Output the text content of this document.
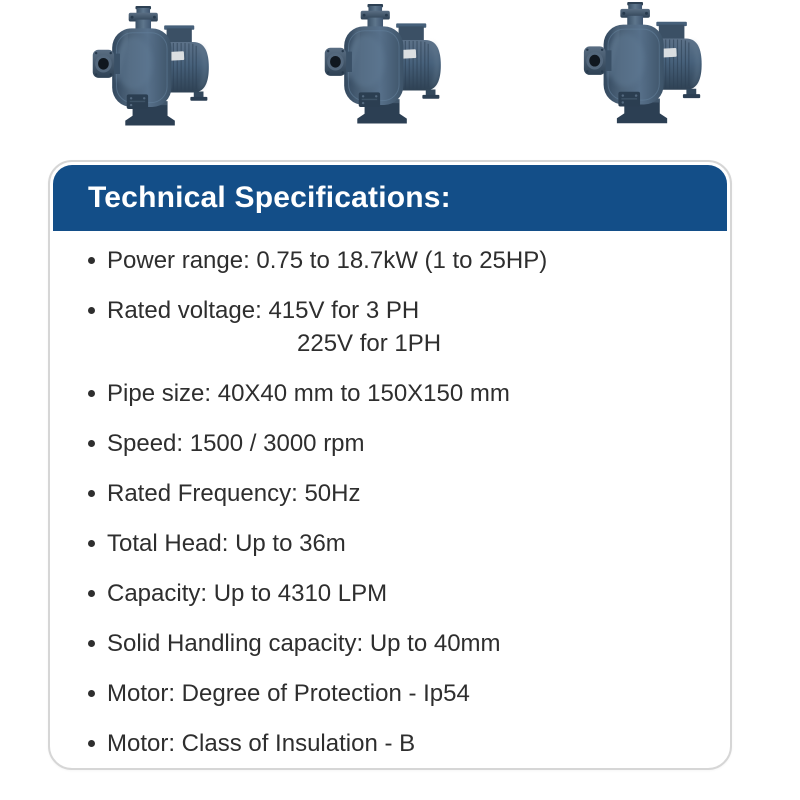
Technical Specifications:
Power range: 0.75 to 18.7kW (1 to 25HP)
Rated voltage: 415V for 3 PH
225V for 1PH
Pipe size: 40X40 mm to 150X150 mm
Speed: 1500 / 3000 rpm
Rated Frequency: 50Hz
Total Head: Up to 36m
Capacity: Up to 4310 LPM
Solid Handling capacity: Up to 40mm
Motor: Degree of Protection - Ip54
Motor: Class of Insulation - B
